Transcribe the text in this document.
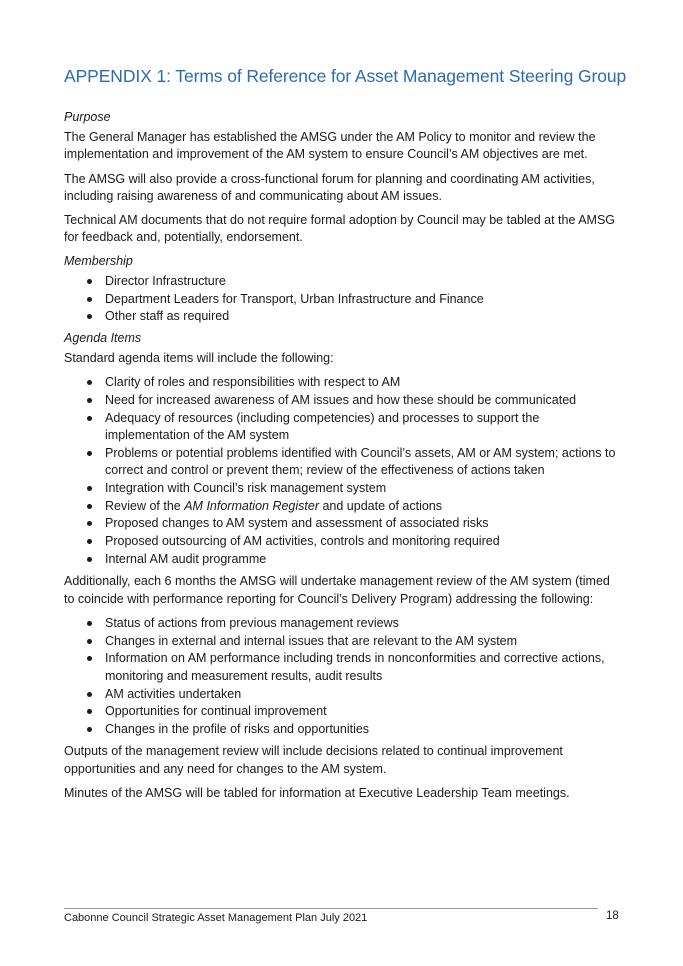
APPENDIX 1: Terms of Reference for Asset Management Steering Group
Purpose

The General Manager has established the AMSG under the AM Policy to monitor and review the implementation and improvement of the AM system to ensure Council’s AM objectives are met.

The AMSG will also provide a cross-functional forum for planning and coordinating AM activities, including raising awareness of and communicating about AM issues.

Technical AM documents that do not require formal adoption by Council may be tabled at the AMSG for feedback and, potentially, endorsement.

Membership
Director Infrastructure
Department Leaders for Transport, Urban Infrastructure and Finance
Other staff as required
Agenda Items

Standard agenda items will include the following:

Clarity of roles and responsibilities with respect to AM
Need for increased awareness of AM issues and how these should be communicated
Adequacy of resources (including competencies) and processes to support the implementation of the AM system
Problems or potential problems identified with Council’s assets, AM or AM system; actions to correct and control or prevent them; review of the effectiveness of actions taken
Integration with Council’s risk management system
Review of the AM Information Register and update of actions
Proposed changes to AM system and assessment of associated risks
Proposed outsourcing of AM activities, controls and monitoring required
Internal AM audit programme

Additionally, each 6 months the AMSG will undertake management review of the AM system (timed to coincide with performance reporting for Council’s Delivery Program) addressing the following:

Status of actions from previous management reviews
Changes in external and internal issues that are relevant to the AM system
Information on AM performance including trends in nonconformities and corrective actions, monitoring and measurement results, audit results
AM activities undertaken
Opportunities for continual improvement
Changes in the profile of risks and opportunities

Outputs of the management review will include decisions related to continual improvement opportunities and any need for changes to the AM system.

Minutes of the AMSG will be tabled for information at Executive Leadership Team meetings.

Cabonne Council Strategic Asset Management Plan July 2021	18
